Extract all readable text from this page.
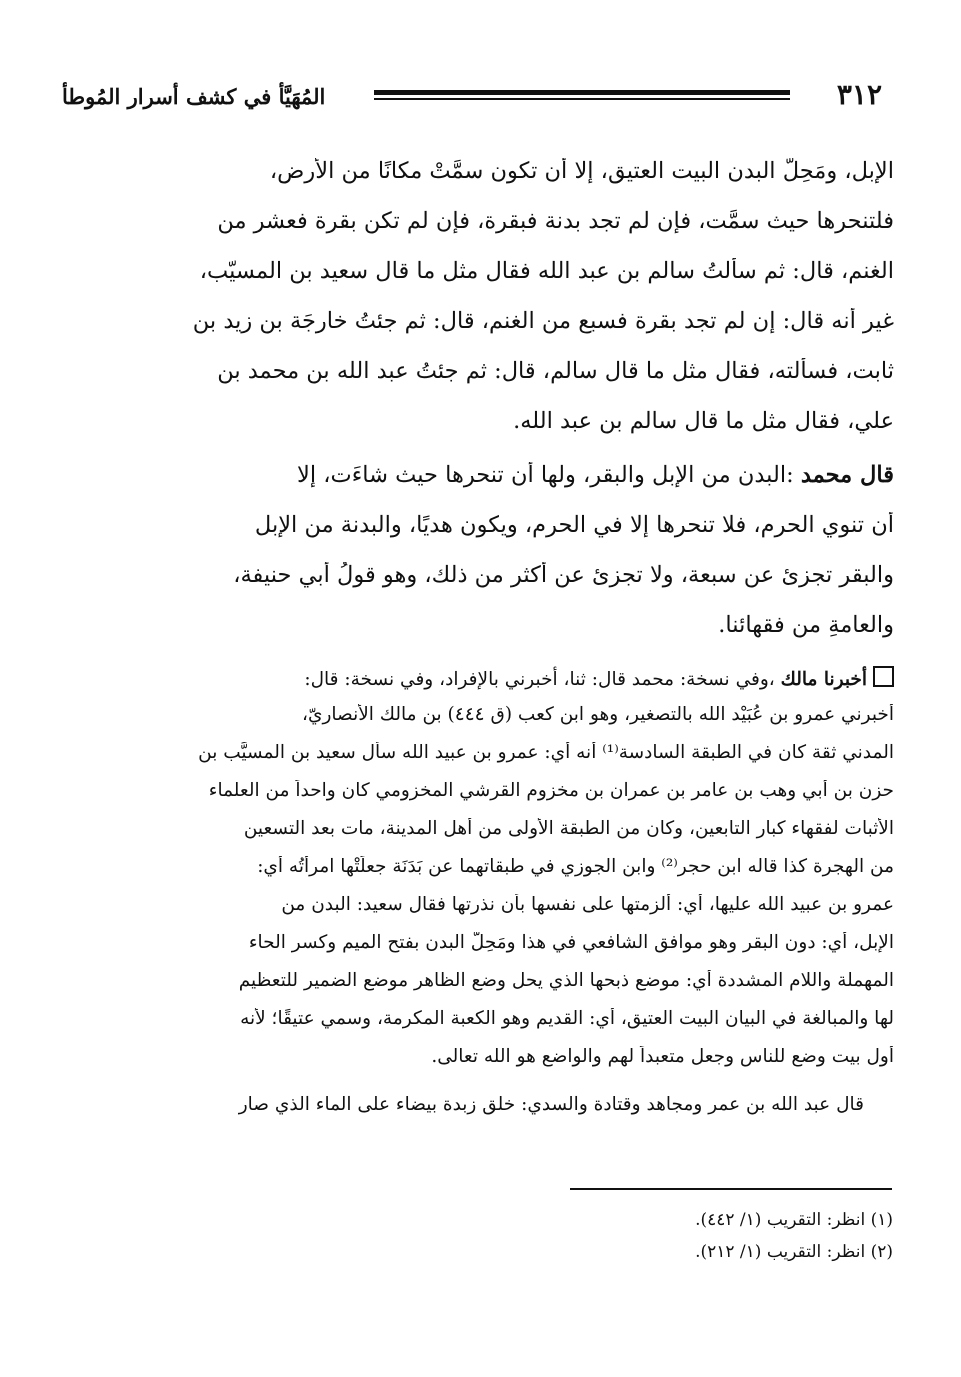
المُهَيَّأ في كشف أسرار المُوطأ	٣١٢
الإبل، ومَحِلّ البدن البيت العتيق، إلا أن تكون سمَّتْ مكانًا من الأرض،
فلتنحرها حيث سمَّت، فإن لم تجد بدنة فبقرة، فإن لم تكن بقرة فعشر من
الغنم، قال: ثم سألتُ سالم بن عبد الله فقال مثل ما قال سعيد بن المسيّب،
غير أنه قال: إن لم تجد بقرة فسبع من الغنم، قال: ثم جئتُ خارجَة بن زيد بن
ثابت، فسألته، فقال مثل ما قال سالم، قال: ثم جئتُ عبد الله بن محمد بن
علي، فقال مثل ما قال سالم بن عبد الله.
قال محمد :البدن من الإبل والبقر، ولها أن تنحرها حيث شاءَت، إلا
أن تنوي الحرم، فلا تنحرها إلا في الحرم، ويكون هديًا، والبدنة من الإبل
والبقر تجزئ عن سبعة، ولا تجزئ عن أكثر من ذلك، وهو قولُ أبي حنيفة،
والعامةِ من فقهائنا.
أخبرنا مالك ،وفي نسخة: محمد قال: ثنا، أخبرني بالإفراد، وفي نسخة: قال:
أخبرني عمرو بن عُبَيْد الله بالتصغير، وهو ابن كعب (ق ٤٤٤) بن مالك الأنصاريّ،
المدني ثقة كان في الطبقة السادسة⁽¹⁾ أنه أي: عمرو بن عبيد الله سأل سعيد بن المسيَّب بن
حزن بن أبي وهب بن عامر بن عمران بن مخزوم القرشي المخزومي كان واحداً من العلماء
الأثبات لفقهاء كبار التابعين، وكان من الطبقة الأولى من أهل المدينة، مات بعد التسعين
من الهجرة كذا قاله ابن حجر⁽²⁾ وابن الجوزي في طبقاتهما عن بَدَنَة جعلَتْها امرأتُه أي:
عمرو بن عبيد الله عليها، أي: ألزمتها على نفسها بأن نذرتها فقال سعيد: البدن من
الإبل، أي: دون البقر وهو موافق الشافعي في هذا ومَحِلّ البدن بفتح الميم وكسر الحاء
المهملة واللام المشددة أي: موضع ذبحها الذي يحل وضع الظاهر موضع الضمير للتعظيم
لها والمبالغة في البيان البيت العتيق، أي: القديم وهو الكعبة المكرمة، وسمي عتيقًا؛ لأنه
أول بيت وضع للناس وجعل متعبداً لهم والواضع هو الله تعالى.
قال عبد الله بن عمر ومجاهد وقتادة والسدي: خلق زبدة بيضاء على الماء الذي صار
(١) انظر: التقريب (١/ ٤٤٢).
(٢) انظر: التقريب (١/ ٢١٢).
